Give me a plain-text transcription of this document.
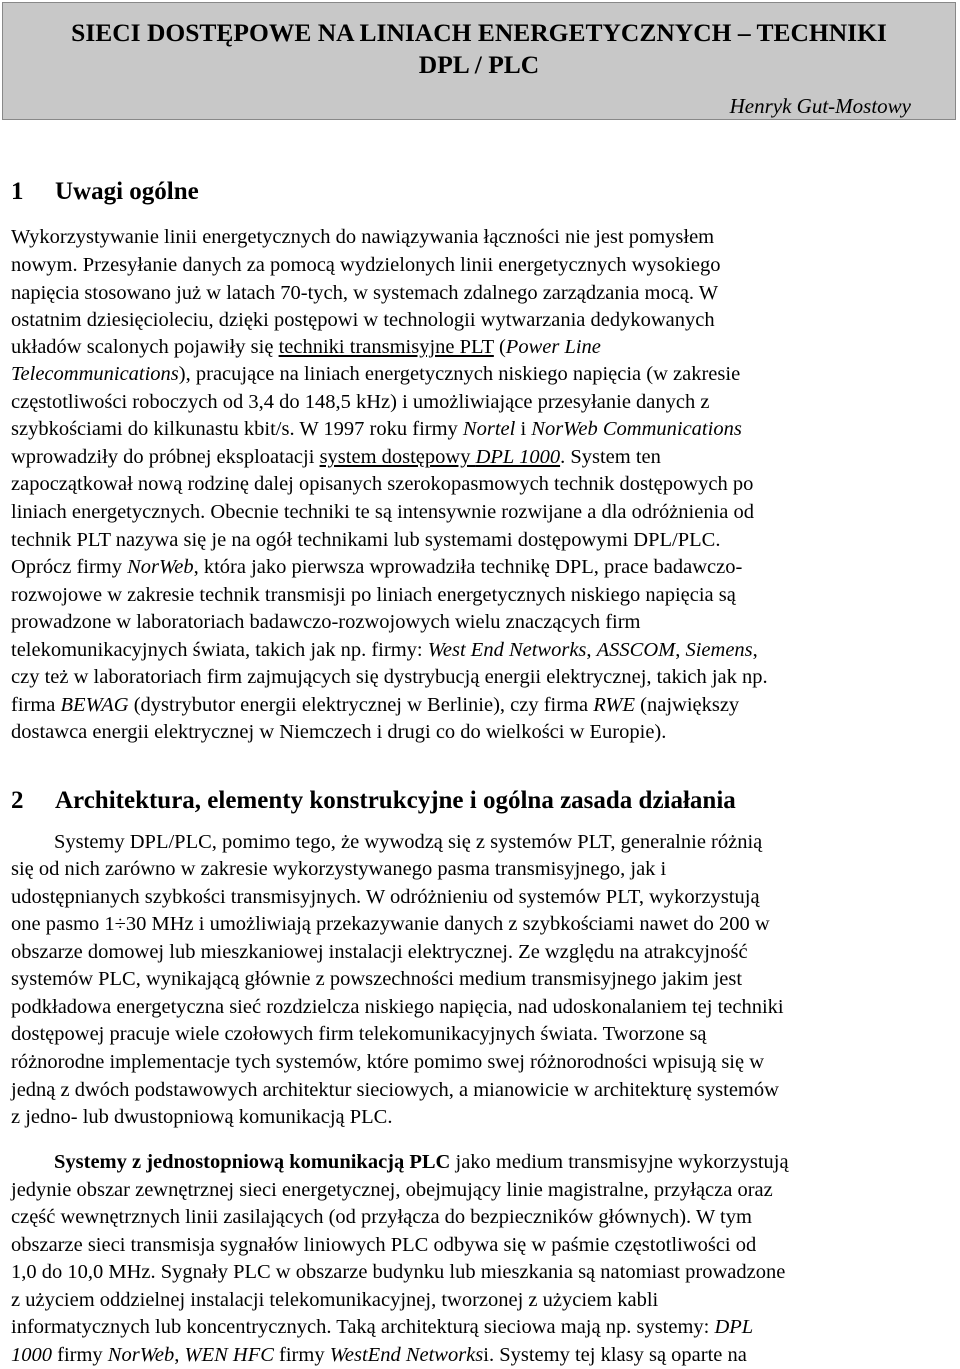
SIECI DOSTĘPOWE NA LINIACH ENERGETYCZNYCH – TECHNIKI
DPL / PLC
Henryk Gut-Mostowy
1 Uwagi ogólne
Wykorzystywanie linii energetycznych do nawiązywania łączności nie jest pomysłem
nowym. Przesyłanie danych za pomocą wydzielonych linii energetycznych wysokiego
napięcia stosowano już w latach 70-tych, w systemach zdalnego zarządzania mocą. W
ostatnim dziesięcioleciu, dzięki postępowi w technologii wytwarzania dedykowanych
układów scalonych pojawiły się techniki transmisyjne PLT (Power Line
Telecommunications), pracujące na liniach energetycznych niskiego napięcia (w zakresie
częstotliwości roboczych od 3,4 do 148,5 kHz) i umożliwiające przesyłanie danych z
szybkościami do kilkunastu kbit/s. W 1997 roku firmy Nortel i NorWeb Communications
wprowadziły do próbnej eksploatacji system dostępowy DPL 1000. System ten
zapoczątkował nową rodzinę dalej opisanych szerokopasmowych technik dostępowych po
liniach energetycznych. Obecnie techniki te są intensywnie rozwijane a dla odróżnienia od
technik PLT nazywa się je na ogół technikami lub systemami dostępowymi DPL/PLC.
Oprócz firmy NorWeb, która jako pierwsza wprowadziła technikę DPL, prace badawczo-
rozwojowe w zakresie technik transmisji po liniach energetycznych niskiego napięcia są
prowadzone w laboratoriach badawczo-rozwojowych wielu znaczących firm
telekomunikacyjnych świata, takich jak np. firmy: West End Networks, ASSCOM, Siemens,
czy też w laboratoriach firm zajmujących się dystrybucją energii elektrycznej, takich jak np.
firma BEWAG (dystrybutor energii elektrycznej w Berlinie), czy firma RWE (największy
dostawca energii elektrycznej w Niemczech i drugi co do wielkości w Europie).
2 Architektura, elementy konstrukcyjne i ogólna zasada działania
Systemy DPL/PLC, pomimo tego, że wywodzą się z systemów PLT, generalnie różnią
się od nich zarówno w zakresie wykorzystywanego pasma transmisyjnego, jak i
udostępnianych szybkości transmisyjnych. W odróżnieniu od systemów PLT, wykorzystują
one pasmo 1÷30 MHz i umożliwiają przekazywanie danych z szybkościami nawet do 200 w
obszarze domowej lub mieszkaniowej instalacji elektrycznej. Ze względu na atrakcyjność
systemów PLC, wynikającą głównie z powszechności medium transmisyjnego jakim jest
podkładowa energetyczna sieć rozdzielcza niskiego napięcia, nad udoskonalaniem tej techniki
dostępowej pracuje wiele czołowych firm telekomunikacyjnych świata. Tworzone są
różnorodne implementacje tych systemów, które pomimo swej różnorodności wpisują się w
jedną z dwóch podstawowych architektur sieciowych, a mianowicie w architekturę systemów
z jedno- lub dwustopniową komunikacją PLC.
Systemy z jednostopniową komunikacją PLC jako medium transmisyjne wykorzystują
jedynie obszar zewnętrznej sieci energetycznej, obejmujący linie magistralne, przyłącza oraz
część wewnętrznych linii zasilających (od przyłącza do bezpieczników głównych). W tym
obszarze sieci transmisja sygnałów liniowych PLC odbywa się w paśmie częstotliwości od
1,0 do 10,0 MHz. Sygnały PLC w obszarze budynku lub mieszkania są natomiast prowadzone
z użyciem oddzielnej instalacji telekomunikacyjnej, tworzonej z użyciem kabli
informatycznych lub koncentrycznych. Taką architekturą sieciowa mają np. systemy: DPL
1000 firmy NorWeb, WEN HFC firmy WestEnd Networksi. Systemy tej klasy są oparte na
